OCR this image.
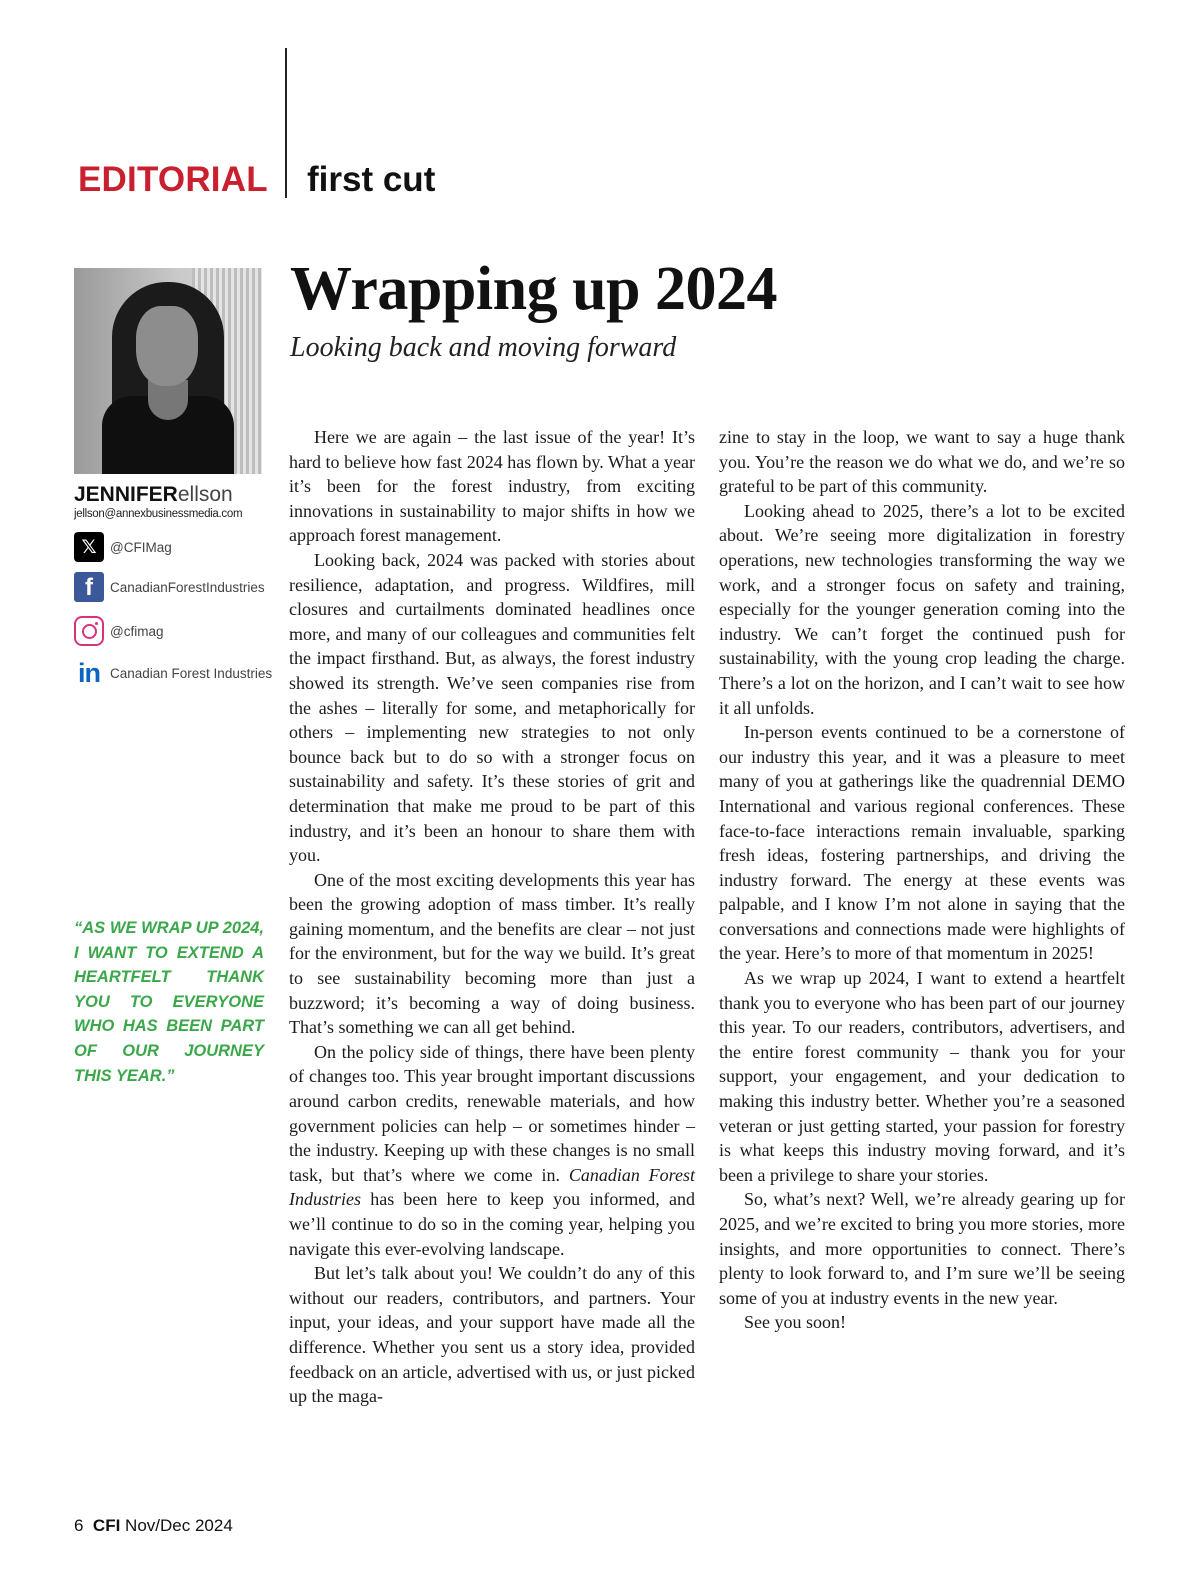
EDITORIAL first cut
JENNIFERellson
jellson@annexbusinessmedia.com
𝕏 @CFIMag
f	CanadianForestIndustries
@cfimag
in Canadian Forest Industries
“AS WE WRAP UP 2024, I WANT TO EXTEND A HEARTFELT THANK YOU TO EVERYONE WHO HAS BEEN PART OF OUR JOURNEY THIS YEAR.”
Wrapping up 2024
Looking back and moving forward

Here we are again – the last issue of the year! It’s hard to believe how fast 2024 has flown by. What a year it’s been for the forest industry, from exciting innovations in sustainability to major shifts in how we approach forest management.

Looking back, 2024 was packed with stories about resilience, adaptation, and progress. Wildfires, mill closures and curtailments dominated headlines once more, and many of our colleagues and communities felt the impact firsthand. But, as always, the forest industry showed its strength. We’ve seen companies rise from the ashes – literally for some, and metaphorically for others – implementing new strategies to not only bounce back but to do so with a stronger focus on sustainability and safety. It’s these stories of grit and determination that make me proud to be part of this industry, and it’s been an honour to share them with you.

One of the most exciting developments this year has been the growing adoption of mass timber. It’s really gaining momentum, and the benefits are clear – not just for the environment, but for the way we build. It’s great to see sustainability becoming more than just a buzzword; it’s becoming a way of doing business. That’s something we can all get behind.

On the policy side of things, there have been plenty of changes too. This year brought important discussions around carbon credits, renewable materials, and how government policies can help – or sometimes hinder – the industry. Keeping up with these changes is no small task, but that’s where we come in. Canadian Forest Industries has been here to keep you informed, and we’ll continue to do so in the coming year, helping you navigate this ever-evolving landscape.

But let’s talk about you! We couldn’t do any of this without our readers, contributors, and partners. Your input, your ideas, and your support have made all the difference. Whether you sent us a story idea, provided feedback on an article, advertised with us, or just picked up the maga-

zine to stay in the loop, we want to say a huge thank you. You’re the reason we do what we do, and we’re so grateful to be part of this community.

Looking ahead to 2025, there’s a lot to be excited about. We’re seeing more digitalization in forestry operations, new technologies transforming the way we work, and a stronger focus on safety and training, especially for the younger generation coming into the industry. We can’t forget the continued push for sustainability, with the young crop leading the charge. There’s a lot on the horizon, and I can’t wait to see how it all unfolds.

In-person events continued to be a cornerstone of our industry this year, and it was a pleasure to meet many of you at gatherings like the quadrennial DEMO International and various regional conferences. These face-to-face interactions remain invaluable, sparking fresh ideas, fostering partnerships, and driving the industry forward. The energy at these events was palpable, and I know I’m not alone in saying that the conversations and connections made were highlights of the year. Here’s to more of that momentum in 2025!

As we wrap up 2024, I want to extend a heartfelt thank you to everyone who has been part of our journey this year. To our readers, contributors, advertisers, and the entire forest community – thank you for your support, your engagement, and your dedication to making this industry better. Whether you’re a seasoned veteran or just getting started, your passion for forestry is what keeps this industry moving forward, and it’s been a privilege to share your stories.

So, what’s next? Well, we’re already gearing up for 2025, and we’re excited to bring you more stories, more insights, and more opportunities to connect. There’s plenty to look forward to, and I’m sure we’ll be seeing some of you at industry events in the new year.

See you soon!

6 CFI Nov/Dec 2024
